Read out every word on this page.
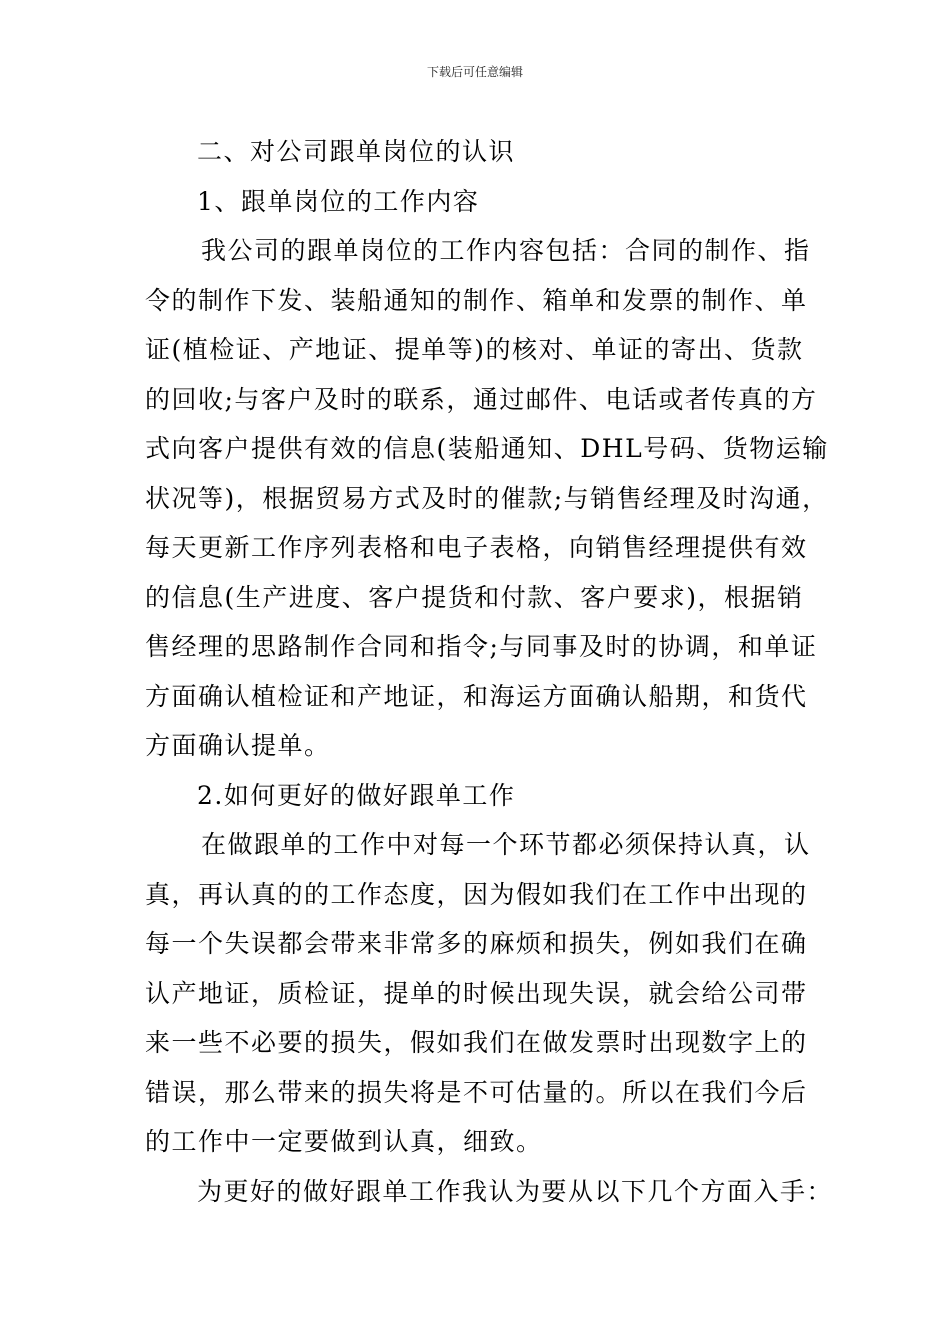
下载后可任意编辑
二、对公司跟单岗位的认识
1、跟单岗位的工作内容
我公司的跟单岗位的工作内容包括：合同的制作、指
令的制作下发、装船通知的制作、箱单和发票的制作、单
证(植检证、产地证、提单等)的核对、单证的寄出、货款
的回收;与客户及时的联系，通过邮件、电话或者传真的方
式向客户提供有效的信息(装船通知、DHL号码、货物运输
状况等)，根据贸易方式及时的催款;与销售经理及时沟通，
每天更新工作序列表格和电子表格，向销售经理提供有效
的信息(生产进度、客户提货和付款、客户要求)，根据销
售经理的思路制作合同和指令;与同事及时的协调，和单证
方面确认植检证和产地证，和海运方面确认船期，和货代
方面确认提单。
2.如何更好的做好跟单工作
在做跟单的工作中对每一个环节都必须保持认真，认
真，再认真的的工作态度，因为假如我们在工作中出现的
每一个失误都会带来非常多的麻烦和损失，例如我们在确
认产地证，质检证，提单的时候出现失误，就会给公司带
来一些不必要的损失，假如我们在做发票时出现数字上的
错误，那么带来的损失将是不可估量的。所以在我们今后
的工作中一定要做到认真，细致。
为更好的做好跟单工作我认为要从以下几个方面入手：
